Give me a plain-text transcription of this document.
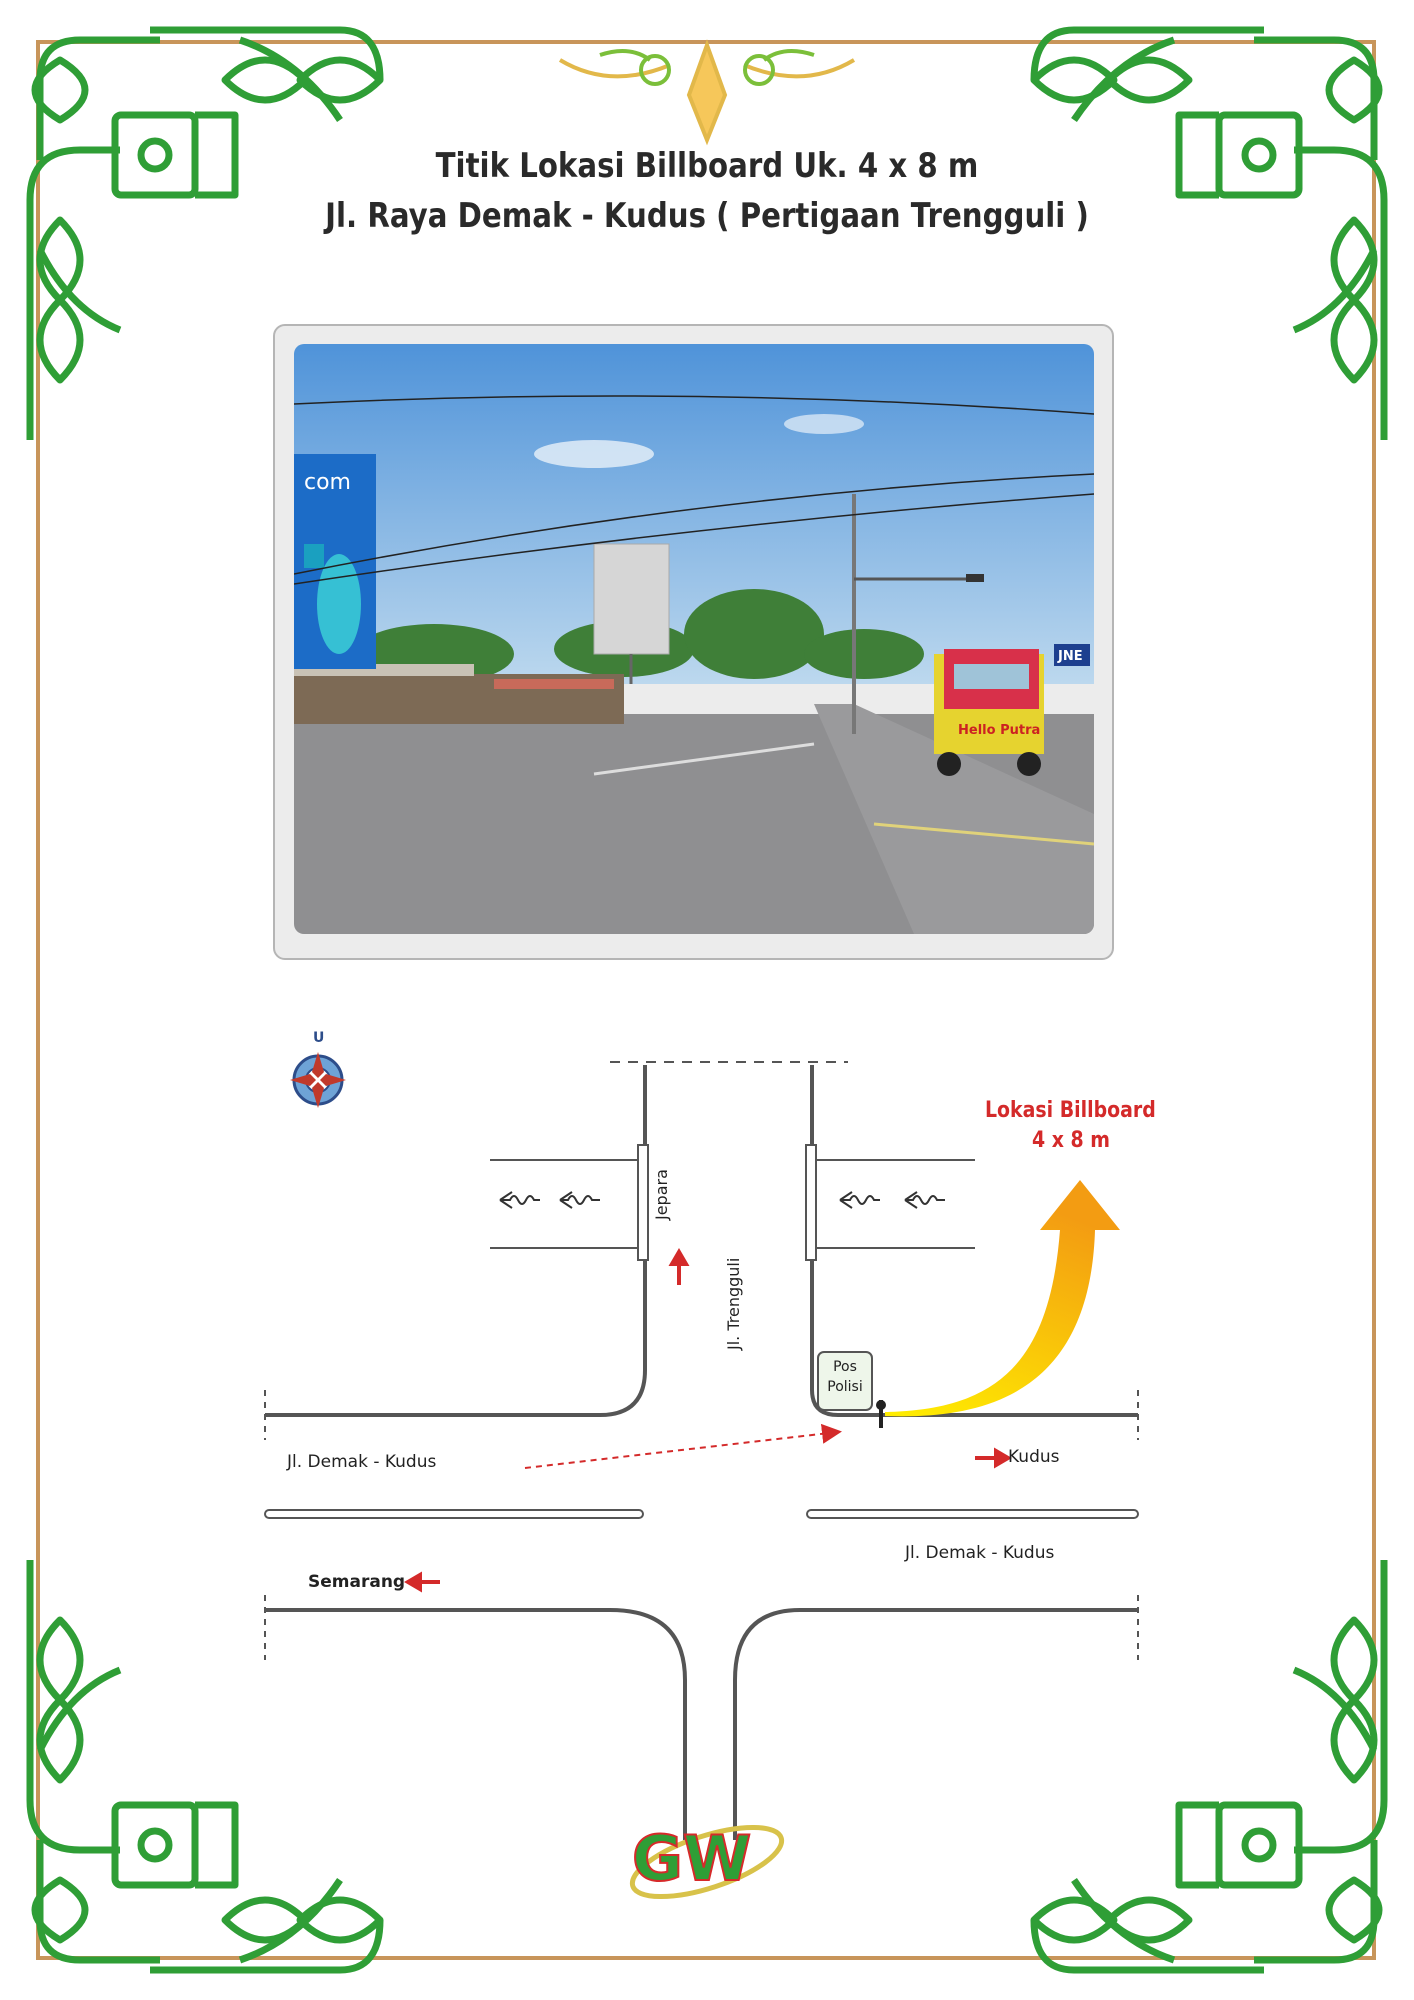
Titik Lokasi Billboard Uk. 4 x 8 m
Jl. Raya Demak - Kudus ( Pertigaan Trengguli )
com
Hello Putra
JNE
GW
U
Lokasi Billboard
4 x 8 m
Jepara
Jl. Trengguli
Pos
Polisi
Jl. Demak - Kudus	Kudus
Jl. Demak - Kudus
Semarang
